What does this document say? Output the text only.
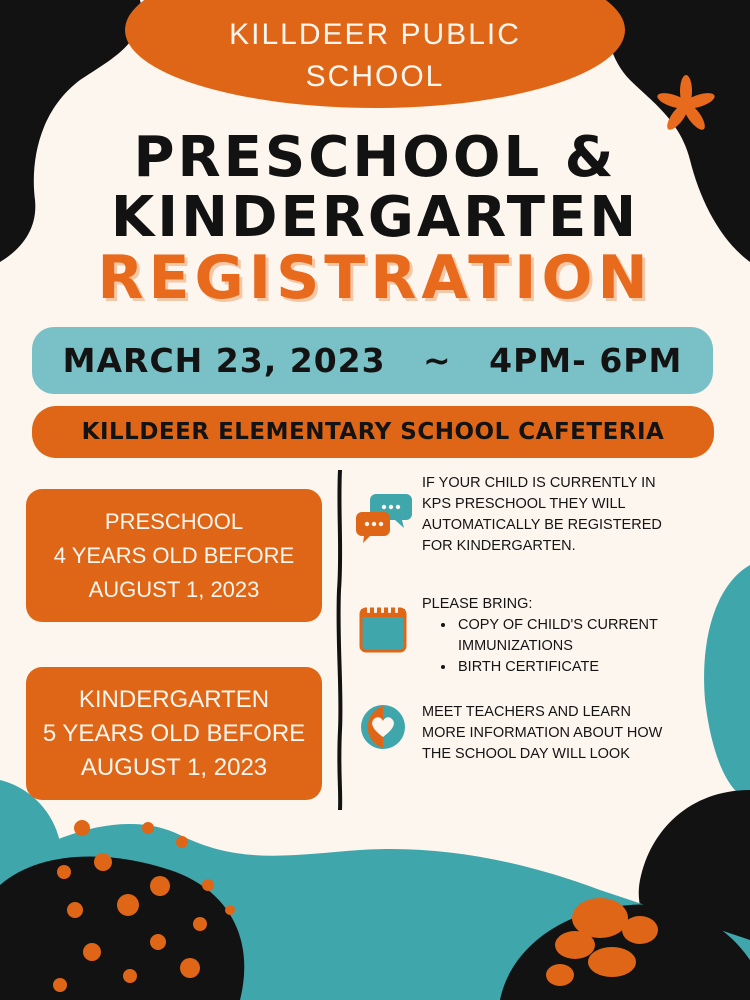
KILLDEER PUBLIC
SCHOOL
PRESCHOOL &
KINDERGARTEN
REGISTRATION
MARCH 23, 2023   ~   4PM- 6PM
KILLDEER ELEMENTARY SCHOOL CAFETERIA
PRESCHOOL
4 YEARS OLD BEFORE
AUGUST 1, 2023
KINDERGARTEN
5 YEARS OLD BEFORE
AUGUST 1, 2023
IF YOUR CHILD IS CURRENTLY IN
KPS PRESCHOOL THEY WILL
AUTOMATICALLY BE REGISTERED
FOR KINDERGARTEN.
PLEASE BRING:
• COPY OF CHILD'S CURRENT IMMUNIZATIONS
• BIRTH CERTIFICATE
MEET TEACHERS AND LEARN
MORE INFORMATION ABOUT HOW
THE SCHOOL DAY WILL LOOK
